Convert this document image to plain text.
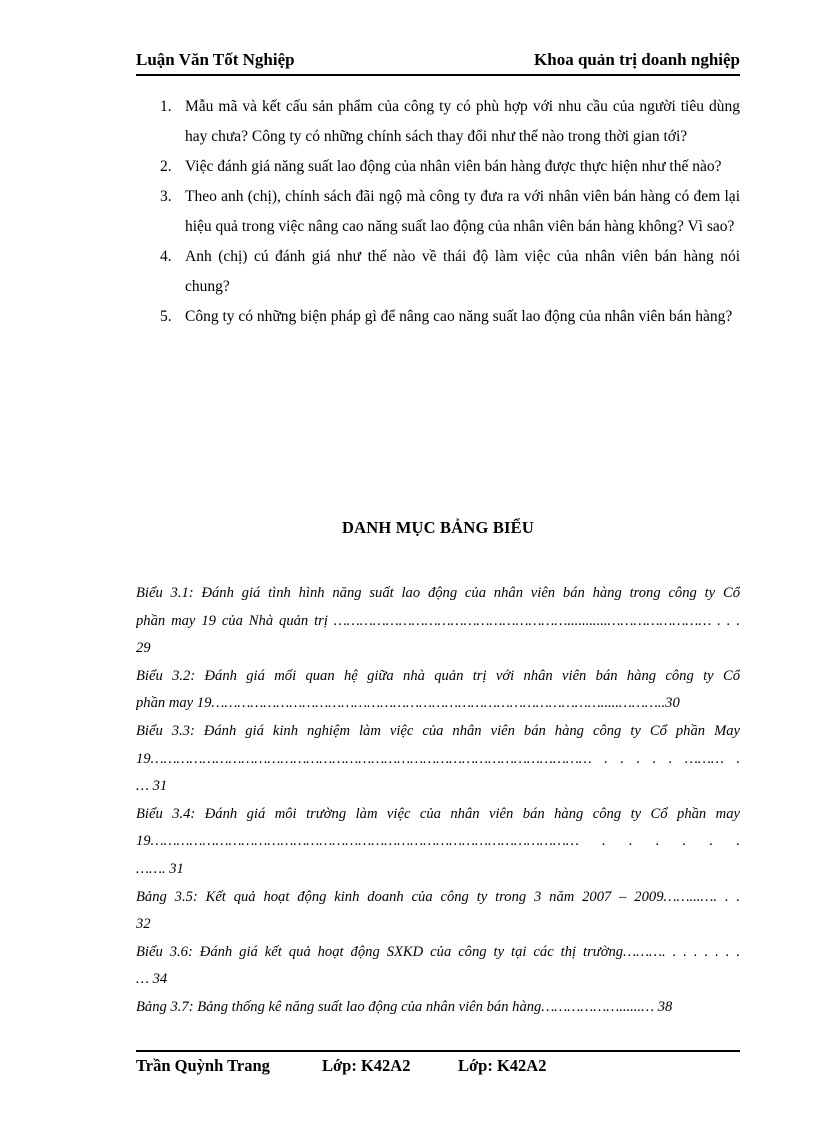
Luận Văn Tốt Nghiệp	Khoa quản trị doanh nghiệp
1. Mẫu mã và kết cấu sản phẩm của công ty có phù hợp với nhu cầu của người tiêu dùng hay chưa? Công ty có những chính sách thay đổi như thế nào trong thời gian tới?
2. Việc đánh giá năng suất lao động của nhân viên bán hàng được thực hiện như thế nào?
3. Theo anh (chị), chính sách đãi ngộ mà công ty đưa ra với nhân viên bán hàng có đem lại hiệu quả trong việc nâng cao năng suất lao động của nhân viên bán hàng không? Vì sao?
4. Anh (chị) cú đánh giá như thế nào về thái độ làm việc của nhân viên bán hàng nói chung?
5. Công ty có những biện pháp gì để nâng cao năng suất lao động của nhân viên bán hàng?
DANH MỤC BẢNG BIỂU
Biểu 3.1: Đánh giá tình hình năng suất lao động của nhân viên bán hàng trong công ty Cổ
phần may 19 của Nhà quản trị ………………………………………………...........…………………… . . .
29
Biểu 3.2: Đánh giá mối quan hệ giữa nhà quản trị với nhân viên bán hàng công ty Cổ
phần may 19……………………………………………………………………………….....………..30
Biểu 3.3: Đánh giá kinh nghiệm làm việc của nhân viên bán hàng công ty Cổ phần May
19………………………………………………………………………………………… . . . . . ……… .
… 31
Biểu 3.4: Đánh giá môi trường làm việc của nhân viên bán hàng công ty Cổ phần may
19……………………………………………………………………………………… . . . . . .
……. 31
Bảng 3.5: Kết quả hoạt động kinh doanh của công ty trong 3 năm 2007 – 2009……...…. . .
32
Biểu 3.6: Đánh giá kết quả hoạt động SXKD của công ty tại các thị trường………. . . . . . . .
… 34
Bảng 3.7: Bảng thống kê năng suất lao động của nhân viên bán hàng………………......… 38
Trần Quỳnh Trang	Lớp: K42A2	Lớp: K42A2
